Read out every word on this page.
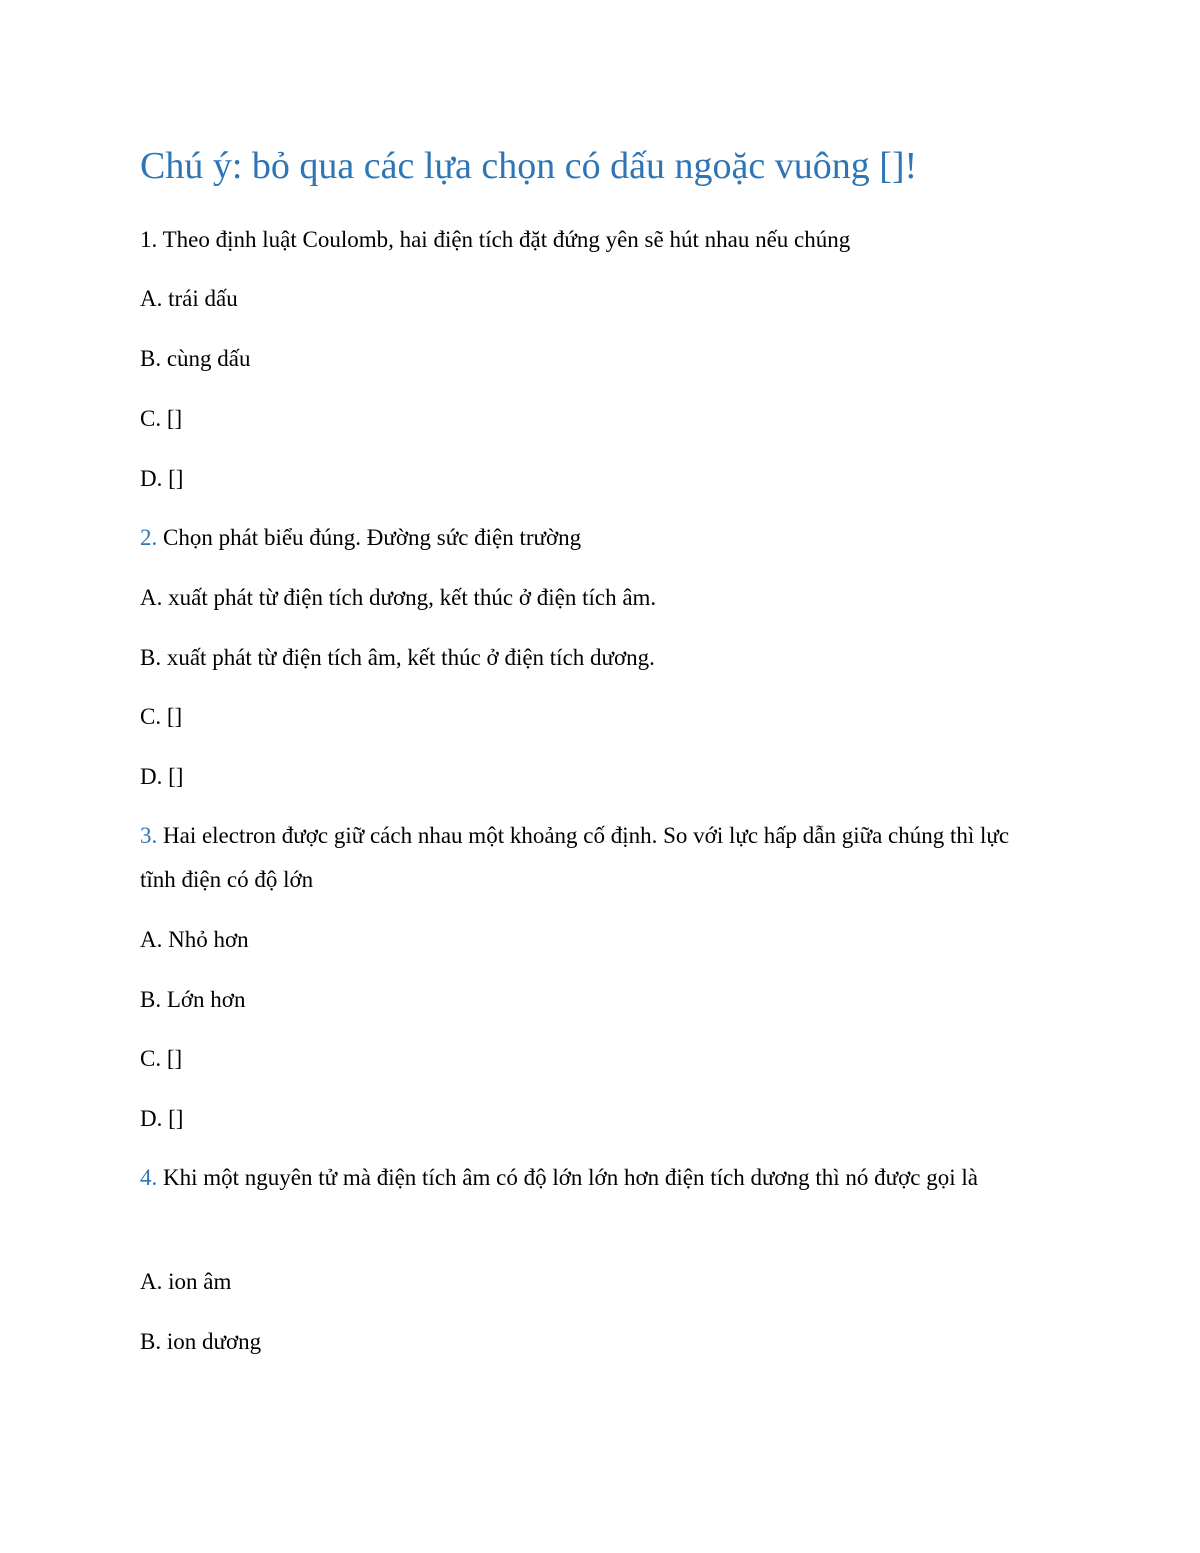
Chú ý: bỏ qua các lựa chọn có dấu ngoặc vuông []!

1. Theo định luật Coulomb, hai điện tích đặt đứng yên sẽ hút nhau nếu chúng

A. trái dấu

B. cùng dấu

C. []

D. []

2. Chọn phát biểu đúng. Đường sức điện trường

A. xuất phát từ điện tích dương, kết thúc ở điện tích âm.

B. xuất phát từ điện tích âm, kết thúc ở điện tích dương.

C. []

D. []

3. Hai electron được giữ cách nhau một khoảng cố định. So với lực hấp dẫn giữa chúng thì lực tĩnh điện có độ lớn

A. Nhỏ hơn

B. Lớn hơn

C. []

D. []

4. Khi một nguyên tử mà điện tích âm có độ lớn lớn hơn điện tích dương thì nó được gọi là

A. ion âm

B. ion dương
